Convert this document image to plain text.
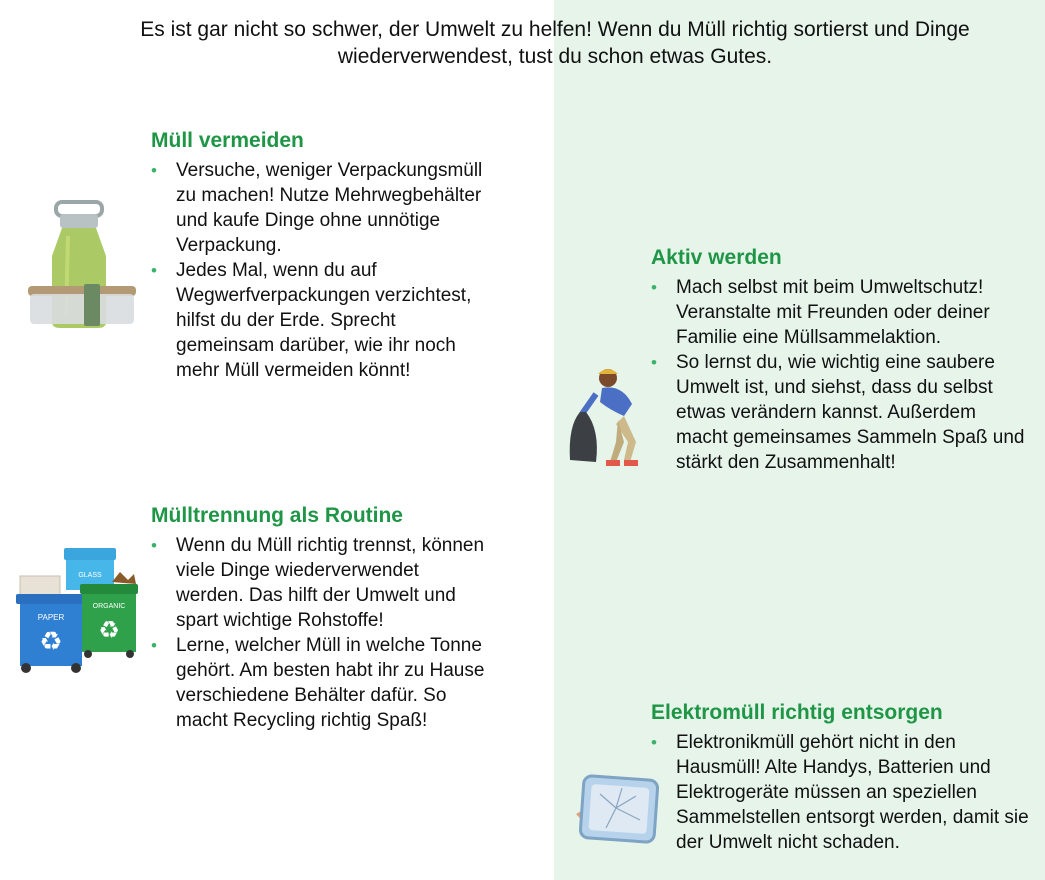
Es ist gar nicht so schwer, der Umwelt zu helfen! Wenn du Müll richtig sortierst und Dinge wiederverwendest, tust du schon etwas Gutes.
GLASS
PAPER
♻
ORGANIC
♻
Müll vermeiden
• Versuche, weniger Verpackungsmüll zu machen! Nutze Mehrwegbehälter und kaufe Dinge ohne unnötige Verpackung.
• Jedes Mal, wenn du auf Wegwerfverpackungen verzichtest, hilfst du der Erde. Sprecht gemeinsam darüber, wie ihr noch mehr Müll vermeiden könnt!
Mülltrennung als Routine
• Wenn du Müll richtig trennst, können viele Dinge wiederverwendet werden. Das hilft der Umwelt und spart wichtige Rohstoffe!
• Lerne, welcher Müll in welche Tonne gehört. Am besten habt ihr zu Hause verschiedene Behälter dafür. So macht Recycling richtig Spaß!
Aktiv werden
• Mach selbst mit beim Umweltschutz! Veranstalte mit Freunden oder deiner Familie eine Müllsammelaktion.
• So lernst du, wie wichtig eine saubere Umwelt ist, und siehst, dass du selbst etwas verändern kannst. Außerdem macht gemeinsames Sammeln Spaß und stärkt den Zusammenhalt!
Elektromüll richtig entsorgen
• Elektronikmüll gehört nicht in den Hausmüll! Alte Handys, Batterien und Elektrogeräte müssen an speziellen Sammelstellen entsorgt werden, damit sie der Umwelt nicht schaden.
